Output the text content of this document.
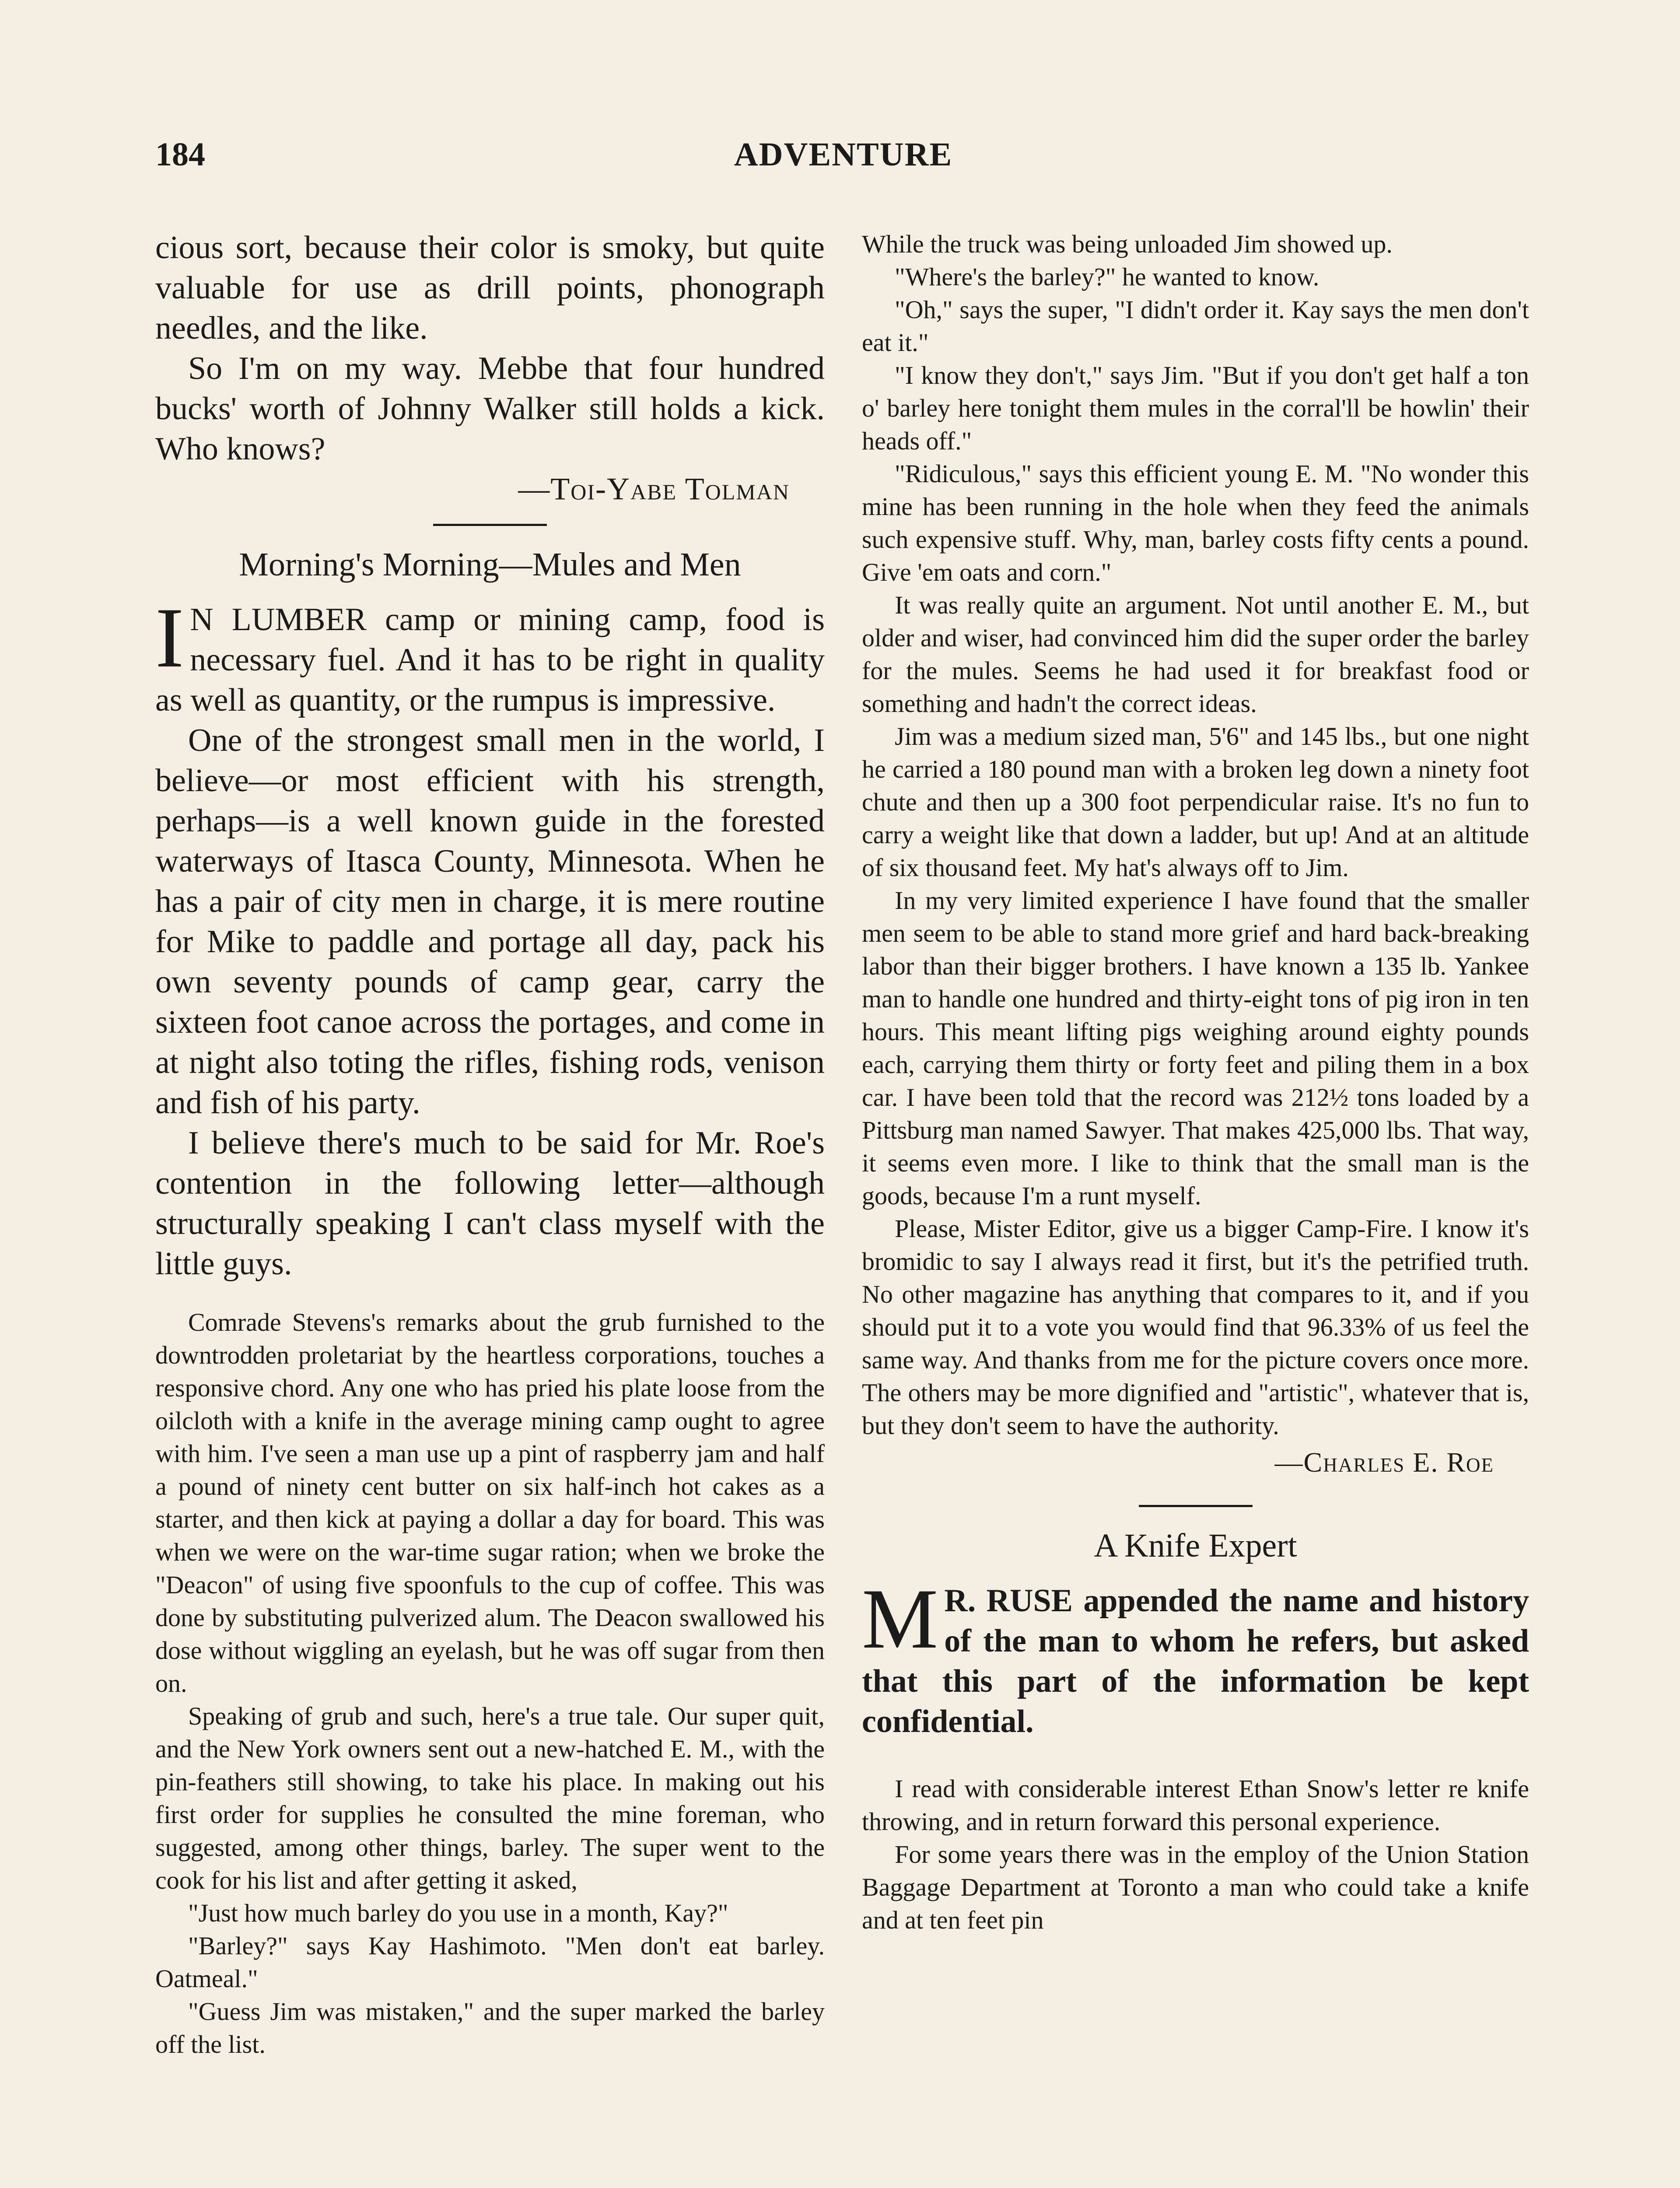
184	ADVENTURE

cious sort, because their color is smoky, but quite valuable for use as drill points, phonograph needles, and the like.

So I'm on my way. Mebbe that four hundred bucks' worth of Johnny Walker still holds a kick. Who knows?

—Toi-Yabe Tolman
Morning's Morning—Mules and Men
I N LUMBER camp or mining camp, food is necessary fuel. And it has to be right in quality as well as quantity, or the rumpus is impressive.

One of the strongest small men in the world, I believe—or most efficient with his strength, perhaps—is a well known guide in the forested waterways of Itasca County, Minnesota. When he has a pair of city men in charge, it is mere routine for Mike to paddle and portage all day, pack his own seventy pounds of camp gear, carry the sixteen foot canoe across the portages, and come in at night also toting the rifles, fishing rods, venison and fish of his party.

I believe there's much to be said for Mr. Roe's contention in the following letter—although structurally speaking I can't class myself with the little guys.

Comrade Stevens's remarks about the grub furnished to the downtrodden proletariat by the heartless corporations, touches a responsive chord. Any one who has pried his plate loose from the oilcloth with a knife in the average mining camp ought to agree with him. I've seen a man use up a pint of raspberry jam and half a pound of ninety cent butter on six half-inch hot cakes as a starter, and then kick at paying a dollar a day for board. This was when we were on the war-time sugar ration; when we broke the "Deacon" of using five spoonfuls to the cup of coffee. This was done by substituting pulverized alum. The Deacon swallowed his dose without wiggling an eyelash, but he was off sugar from then on.

Speaking of grub and such, here's a true tale. Our super quit, and the New York owners sent out a new-hatched E. M., with the pin-feathers still showing, to take his place. In making out his first order for supplies he consulted the mine foreman, who suggested, among other things, barley. The super went to the cook for his list and after getting it asked,

"Just how much barley do you use in a month, Kay?"

"Barley?" says Kay Hashimoto. "Men don't eat barley. Oatmeal."

"Guess Jim was mistaken," and the super marked the barley off the list.

While the truck was being unloaded Jim showed up.

"Where's the barley?" he wanted to know.

"Oh," says the super, "I didn't order it. Kay says the men don't eat it."

"I know they don't," says Jim. "But if you don't get half a ton o' barley here tonight them mules in the corral'll be howlin' their heads off."

"Ridiculous," says this efficient young E. M. "No wonder this mine has been running in the hole when they feed the animals such expensive stuff. Why, man, barley costs fifty cents a pound. Give 'em oats and corn."

It was really quite an argument. Not until another E. M., but older and wiser, had convinced him did the super order the barley for the mules. Seems he had used it for breakfast food or something and hadn't the correct ideas.

Jim was a medium sized man, 5'6" and 145 lbs., but one night he carried a 180 pound man with a broken leg down a ninety foot chute and then up a 300 foot perpendicular raise. It's no fun to carry a weight like that down a ladder, but up! And at an altitude of six thousand feet. My hat's always off to Jim.

In my very limited experience I have found that the smaller men seem to be able to stand more grief and hard back-breaking labor than their bigger brothers. I have known a 135 lb. Yankee man to handle one hundred and thirty-eight tons of pig iron in ten hours. This meant lifting pigs weighing around eighty pounds each, carrying them thirty or forty feet and piling them in a box car. I have been told that the record was 212½ tons loaded by a Pittsburg man named Sawyer. That makes 425,000 lbs. That way, it seems even more. I like to think that the small man is the goods, because I'm a runt myself.

Please, Mister Editor, give us a bigger Camp-Fire. I know it's bromidic to say I always read it first, but it's the petrified truth. No other magazine has anything that compares to it, and if you should put it to a vote you would find that 96.33% of us feel the same way. And thanks from me for the picture covers once more. The others may be more dignified and "artistic", whatever that is, but they don't seem to have the authority.

—Charles E. Roe
A Knife Expert
M R. RUSE appended the name and history of the man to whom he refers, but asked that this part of the information be kept confidential.

I read with considerable interest Ethan Snow's letter re knife throwing, and in return forward this personal experience.

For some years there was in the employ of the Union Station Baggage Department at Toronto a man who could take a knife and at ten feet pin
